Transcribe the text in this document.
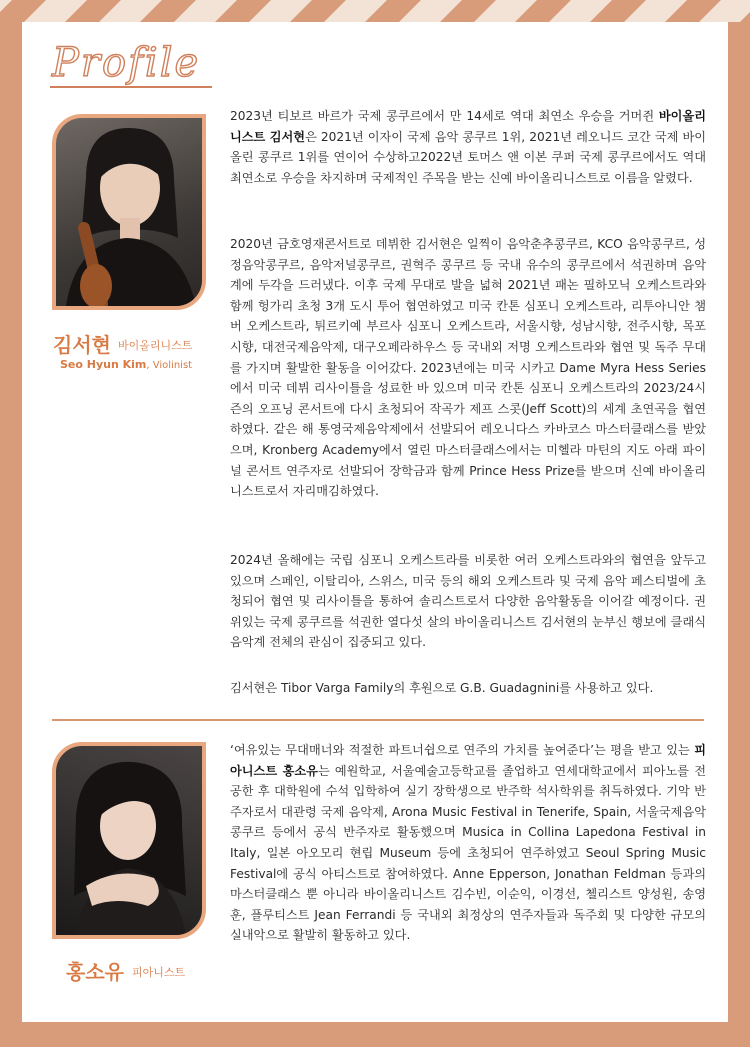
Profile
김서현 바이올리니스트
Seo Hyun Kim, Violinist

2023년 티보르 바르가 국제 콩쿠르에서 만 14세로 역대 최연소 우승을 거머쥔 바이올리니스트 김서현은 2021년 이자이 국제 음악 콩쿠르 1위, 2021년 레오니드 코간 국제 바이올린 콩쿠르 1위를 연이어 수상하고2022년 토머스 앤 이본 쿠퍼 국제 콩쿠르에서도 역대 최연소로 우승을 차지하며 국제적인 주목을 받는 신예 바이올리니스트로 이름을 알렸다.

2020년 금호영재콘서트로 데뷔한 김서현은 일찍이 음악춘추콩쿠르, KCO 음악콩쿠르, 성정음악콩쿠르, 음악저널콩쿠르, 권혁주 콩쿠르 등 국내 유수의 콩쿠르에서 석권하며 음악계에 두각을 드러냈다. 이후 국제 무대로 발을 넓혀 2021년 패논 필하모닉 오케스트라와 함께 헝가리 초청 3개 도시 투어 협연하였고 미국 칸톤 심포니 오케스트라, 리투아니안 챔버 오케스트라, 튀르키예 부르사 심포니 오케스트라, 서울시향, 성남시향, 전주시향, 목포시향, 대전국제음악제, 대구오페라하우스 등 국내외 저명 오케스트라와 협연 및 독주 무대를 가지며 활발한 활동을 이어갔다. 2023년에는 미국 시카고 Dame Myra Hess Series에서 미국 데뷔 리사이틀을 성료한 바 있으며 미국 칸톤 심포니 오케스트라의 2023/24시즌의 오프닝 콘서트에 다시 초청되어 작곡가 제프 스콧(Jeff Scott)의 세계 초연곡을 협연하였다. 같은 해 통영국제음악제에서 선발되어 레오니다스 카바코스 마스터클래스를 받았으며, Kronberg Academy에서 열린 마스터클래스에서는 미헬라 마틴의 지도 아래 파이널 콘서트 연주자로 선발되어 장학금과 함께 Prince Hess Prize를 받으며 신예 바이올리니스트로서 자리매김하였다.

2024년 올해에는 국립 심포니 오케스트라를 비롯한 여러 오케스트라와의 협연을 앞두고 있으며 스페인, 이탈리아, 스위스, 미국 등의 해외 오케스트라 및 국제 음악 페스티벌에 초청되어 협연 및 리사이틀을 통하여 솔리스트로서 다양한 음악활동을 이어갈 예정이다. 권위있는 국제 콩쿠르를 석권한 열다섯 살의 바이올리니스트 김서현의 눈부신 행보에 클래식 음악계 전체의 관심이 집중되고 있다.

김서현은 Tibor Varga Family의 후원으로 G.B. Guadagnini를 사용하고 있다.

홍소유 피아니스트

‘여유있는 무대매너와 적절한 파트너쉽으로 연주의 가치를 높여준다’는 평을 받고 있는 피아니스트 홍소유는 예원학교, 서울예술고등학교를 졸업하고 연세대학교에서 피아노를 전공한 후 대학원에 수석 입학하여 실기 장학생으로 반주학 석사학위를 취득하였다. 기악 반주자로서 대관령 국제 음악제, Arona Music Festival in Tenerife, Spain, 서울국제음악콩쿠르 등에서 공식 반주자로 활동했으며 Musica in Collina Lapedona Festival in Italy, 일본 아오모리 현립 Museum 등에 초청되어 연주하였고 Seoul Spring Music Festival에 공식 아티스트로 참여하였다. Anne Epperson, Jonathan Feldman 등과의 마스터클래스 뿐 아니라 바이올리니스트 김수빈, 이순익, 이경선, 첼리스트 양성원, 송영훈, 플루티스트 Jean Ferrandi 등 국내외 최정상의 연주자들과 독주회 및 다양한 규모의 실내악으로 활발히 활동하고 있다.
